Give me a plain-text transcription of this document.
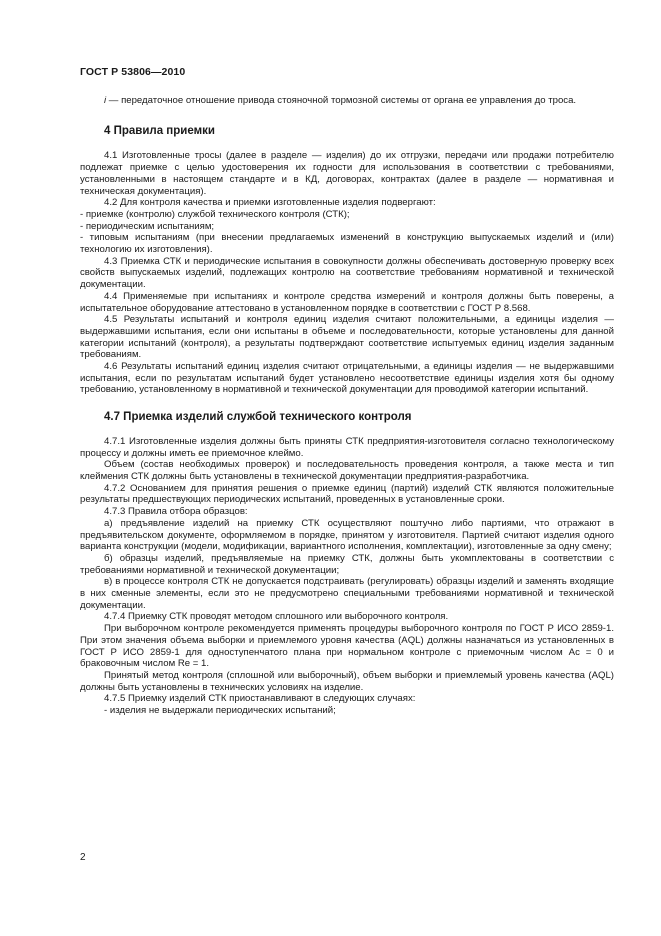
ГОСТ Р 53806—2010

i — передаточное отношение привода стояночной тормозной системы от органа ее управления до троса.

4 Правила приемки

4.1 Изготовленные тросы (далее в разделе — изделия) до их отгрузки, передачи или продажи потребителю подлежат приемке с целью удостоверения их годности для использования в соответствии с требованиями, установленными в настоящем стандарте и в КД, договорах, контрактах (далее в разделе — нормативная и техническая документация).

4.2 Для контроля качества и приемки изготовленные изделия подвергают:

- приемке (контролю) службой технического контроля (СТК);

- периодическим испытаниям;

- типовым испытаниям (при внесении предлагаемых изменений в конструкцию выпускаемых изделий и (или) технологию их изготовления).

4.3 Приемка СТК и периодические испытания в совокупности должны обеспечивать достоверную проверку всех свойств выпускаемых изделий, подлежащих контролю на соответствие требованиям нормативной и технической документации.

4.4 Применяемые при испытаниях и контроле средства измерений и контроля должны быть поверены, а испытательное оборудование аттестовано в установленном порядке в соответствии с ГОСТ Р 8.568.

4.5 Результаты испытаний и контроля единиц изделия считают положительными, а единицы изделия — выдержавшими испытания, если они испытаны в объеме и последовательности, которые установлены для данной категории испытаний (контроля), а результаты подтверждают соответствие испытуемых единиц изделия заданным требованиям.

4.6 Результаты испытаний единиц изделия считают отрицательными, а единицы изделия — не выдержавшими испытания, если по результатам испытаний будет установлено несоответствие единицы изделия хотя бы одному требованию, установленному в нормативной и технической документации для проводимой категории испытаний.

4.7 Приемка изделий службой технического контроля

4.7.1 Изготовленные изделия должны быть приняты СТК предприятия-изготовителя согласно технологическому процессу и должны иметь ее приемочное клеймо.

Объем (состав необходимых проверок) и последовательность проведения контроля, а также места и тип клеймения СТК должны быть установлены в технической документации предприятия-разработчика.

4.7.2 Основанием для принятия решения о приемке единиц (партий) изделий СТК являются положительные результаты предшествующих периодических испытаний, проведенных в установленные сроки.

4.7.3 Правила отбора образцов:

а) предъявление изделий на приемку СТК осуществляют поштучно либо партиями, что отражают в предъявительском документе, оформляемом в порядке, принятом у изготовителя. Партией считают изделия одного варианта конструкции (модели, модификации, вариантного исполнения, комплектации), изготовленные за одну смену;

б) образцы изделий, предъявляемые на приемку СТК, должны быть укомплектованы в соответствии с требованиями нормативной и технической документации;

в) в процессе контроля СТК не допускается подстраивать (регулировать) образцы изделий и заменять входящие в них сменные элементы, если это не предусмотрено специальными требованиями нормативной и технической документации.

4.7.4 Приемку СТК проводят методом сплошного или выборочного контроля.

При выборочном контроле рекомендуется применять процедуры выборочного контроля по ГОСТ Р ИСО 2859-1. При этом значения объема выборки и приемлемого уровня качества (AQL) должны назначаться из установленных в ГОСТ Р ИСО 2859-1 для одноступенчатого плана при нормальном контроле с приемочным числом Ас = 0 и браковочным числом Re = 1.

Принятый метод контроля (сплошной или выборочный), объем выборки и приемлемый уровень качества (AQL) должны быть установлены в технических условиях на изделие.

4.7.5 Приемку изделий СТК приостанавливают в следующих случаях:

- изделия не выдержали периодических испытаний;

2
